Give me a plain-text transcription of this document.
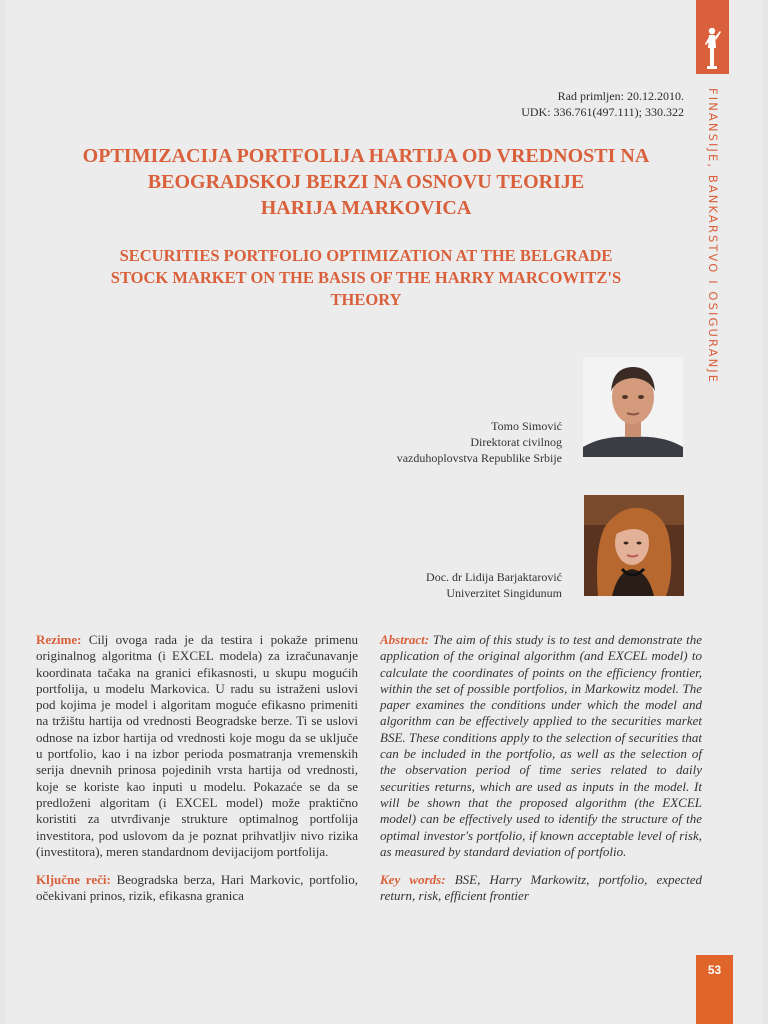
FINANSIJE, BANKARSTVO I OSIGURANJE
Rad primljen: 20.12.2010.
UDK: 336.761(497.111); 330.322
OPTIMIZACIJA PORTFOLIJA HARTIJA OD VREDNOSTI NA
BEOGRADSKOJ BERZI NA OSNOVU TEORIJE
HARIJA MARKOVICA
SECURITIES PORTFOLIO OPTIMIZATION AT THE BELGRADE
STOCK MARKET ON THE BASIS OF THE HARRY MARCOWITZ'S
THEORY
Tomo Simović
Direktorat civilnog
vazduhoplovstva Republike Srbije
Doc. dr Lidija Barjaktarović
Univerzitet Singidunum
Rezime: Cilj ovoga rada je da testira i pokaže primenu originalnog algoritma (i EXCEL modela) za izračunavanje koordinata tačaka na granici efikasnosti, u skupu mogućih portfolija, u modelu Markovica. U radu su istraženi uslovi pod kojima je model i algoritam moguće efikasno primeniti na tržištu hartija od vrednosti Beogradske berze. Ti se uslovi odnose na izbor hartija od vrednosti koje mogu da se uključe u portfolio, kao i na izbor perioda posmatranja vremenskih serija dnevnih prinosa pojedinih vrsta hartija od vrednosti, koje se koriste kao inputi u modelu. Pokazaće se da se predloženi algoritam (i EXCEL model) može praktično koristiti za utvrđivanje strukture optimalnog portfolija investitora, pod uslovom da je poznat prihvatljiv nivo rizika (investitora), meren standardnom devijacijom portfolija.
Ključne reči: Beogradska berza, Hari Markovic, portfolio, očekivani prinos, rizik, efikasna granica
Abstract: The aim of this study is to test and demonstrate the application of the original algorithm (and EXCEL model) to calculate the coordinates of points on the efficiency frontier, within the set of possible portfolios, in Markowitz model. The paper examines the conditions under which the model and algorithm can be effectively applied to the securities market BSE. These conditions apply to the selection of securities that can be included in the portfolio, as well as the selection of the observation period of time series related to daily securities returns, which are used as inputs in the model. It will be shown that the proposed algorithm (the EXCEL model) can be effectively used to identify the structure of the optimal investor's portfolio, if known acceptable level of risk, as measured by standard deviation of portfolio.
Key words: BSE, Harry Markowitz, portfolio, expected return, risk, efficient frontier
53
